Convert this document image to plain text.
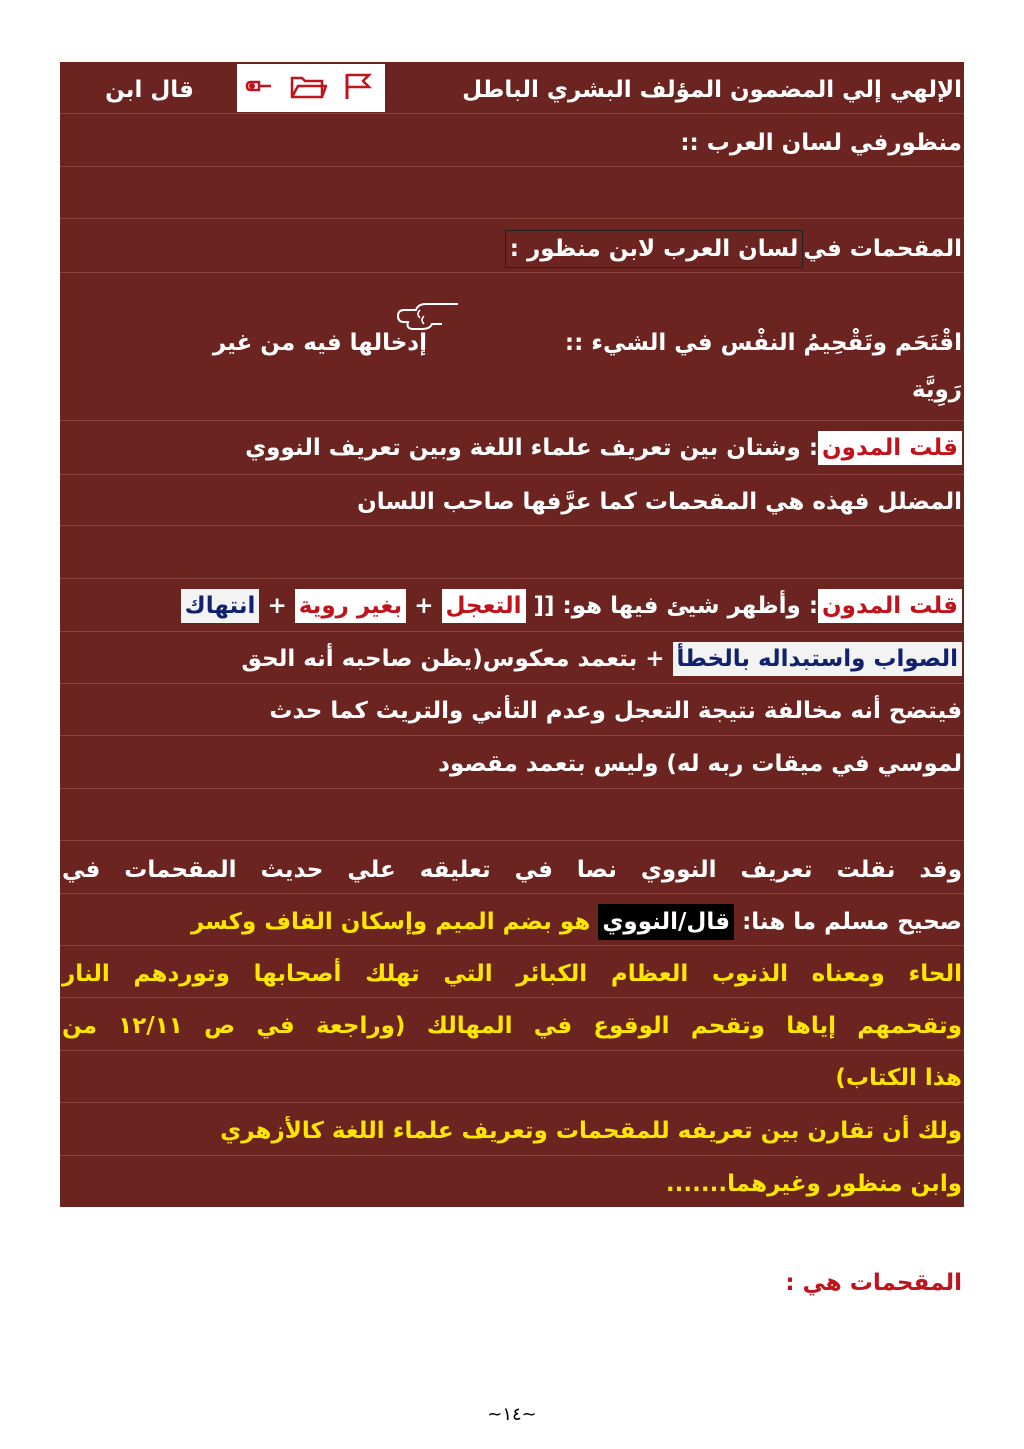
الإلهي إلي المضمون المؤلف البشري الباطل
قال ابن
منظورفي لسان العرب ::
المقحمات فيلسان العرب لابن منظور :
اقْتَحَم وتَقْحِيمُ النفْس في الشيء ::
إدخالها فيه من غير
رَوِيَّة
قلت المدون: وشتان بين تعريف علماء اللغة وبين تعريف النووي
المضلل فهذه هي المقحمات كما عرَّفها صاحب اللسان
قلت المدون: وأظهر شيئ فيها هو: [[ التعجل + بغير روية + انتهاك
الصواب واستبداله بالخطأ + بتعمد معكوس(يظن صاحبه أنه الحق
فيتضح أنه مخالفة نتيجة التعجل وعدم التأني والتريث كما حدث
لموسي في ميقات ربه له) وليس بتعمد مقصود
وقد نقلت تعريف النووي نصا في تعليقه علي حديث المقحمات في
صحيح مسلم ما هنا: قال/النووي هو بضم الميم وإسكان القاف وكسر
الحاء ومعناه الذنوب العظام الكبائر التي تهلك أصحابها وتوردهم النار
وتقحمهم إياها وتقحم الوقوع في المهالك (وراجعة في ص ١٢/١١ من
هذا الكتاب)
ولك أن تقارن بين تعريفه للمقحمات وتعريف علماء اللغة كالأزهري
وابن منظور وغيرهما.......
المقحمات هي :
~١٤~
